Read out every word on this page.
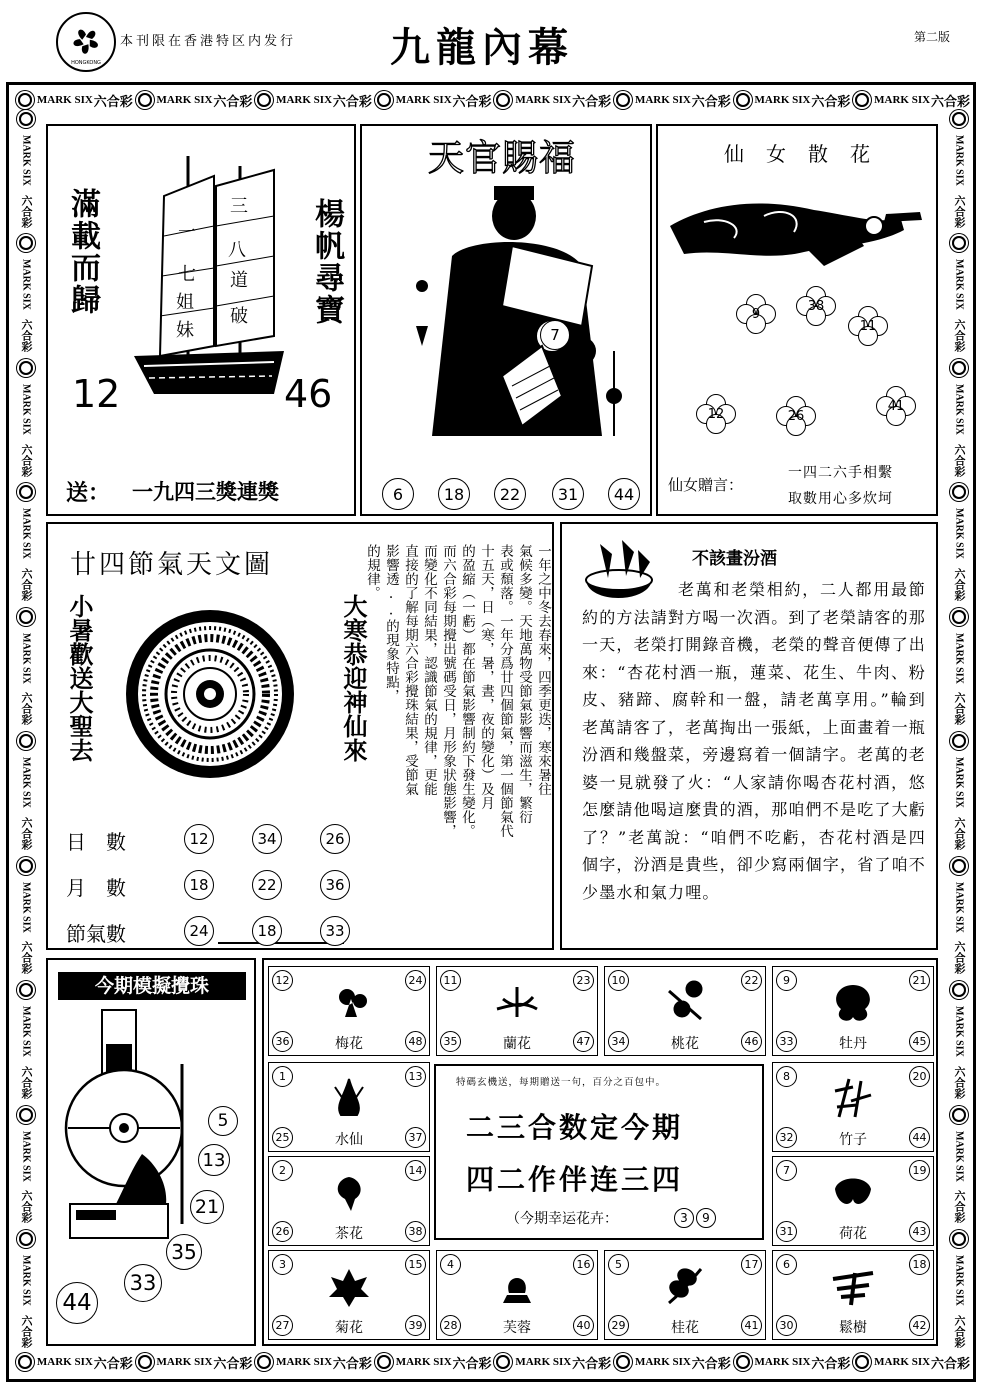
HONGKONG
本刊限在香港特区内发行 九龍內幕	第二版
MARK SIX 六合彩 MARK SIX 六合彩 MARK SIX 六合彩 MARK SIX 六合彩 MARK SIX 六合彩 MARK SIX 六合彩 MARK SIX 六合彩 MARK SIX 六合彩
MARK SIX 六合彩 MARK SIX 六合彩 MARK SIX 六合彩 MARK SIX 六合彩 MARK SIX 六合彩 MARK SIX 六合彩 MARK SIX 六合彩 MARK SIX 六合彩
MARK SIX
六合彩
MARK SIX
六合彩
MARK SIX
六合彩
MARK SIX
六合彩
MARK SIX
六合彩
MARK SIX
六合彩
MARK SIX
六合彩
MARK SIX
六合彩
MARK SIX
六合彩
MARK SIX
六合彩
MARK SIX
六合彩
MARK SIX
六合彩
MARK SIX
六合彩
MARK SIX
六合彩
MARK SIX
六合彩
MARK SIX
六合彩
MARK SIX
六合彩
MARK SIX
六合彩
MARK SIX
六合彩
MARK SIX
六合彩
滿載而歸	楊帆尋寶
一
三
七
八
道
姐
妹
破
12	46
送： 一九四三獎連獎
天官賜福
7
6	18	22	31	44
仙女散花
仙女贈言：
一四二六手相繫
取數用心多炊坷
9
38
11
12	26
41
廿四節氣天文圖
小暑歡送大聖去	大寒恭迎神仙來	一年之中冬去春來，四季更迭，寒來暑往
氣候多變。天地萬物受節氣影響而滋生，繁衍
表或頹落。一年分爲廿四個節氣，第一個節氣代
十五天，日（寒，暑，晝，夜的變化）及月
的盈縮（一虧）都在節氣影響制約下發生變化。
而六合彩每期攪出號碼受日，月形象狀態影響，
而變化不同結果，認識節氣的規律，更能
直接的了解每期六合彩攪珠結果，受節氣
影響透..的現象特點，
的規律。
日　數	12	34	26
月　數	18	22	36
節氣數	24	18	33
不該畫汾酒
老萬和老榮相約，二人都用最節約的方法請對方喝一次酒。到了老榮請客的那一天，老榮打開錄音機，老榮的聲音便傳了出來：“杏花村酒一瓶，蓮菜、花生、牛肉、粉皮、豬蹄、腐幹和一盤，請老萬享用。”輪到老萬請客了，老萬掏出一張紙，上面畫着一瓶汾酒和幾盤菜，旁邊寫着一個請字。老萬的老婆一見就發了火：“人家請你喝杏花村酒，悠怎麼請他喝這麼貴的酒，那咱們不是吃了大虧了？”老萬說：“咱們不吃虧，杏花村酒是四個字，汾酒是貴些，卻少寫兩個字，省了咱不少墨水和氣力哩。
今期模擬攪珠
5
13
21
35
33
44
12	24
36	48
梅花
11	23
35	47
蘭花
10	22
34	46
桃花
9	21
33	45
牡丹
1	13
25	37
水仙
8	20
32	44
竹子
2	14
26	38
茶花
7	19
31	43
荷花
3	15
27	39
菊花
4	16
28	40
芙蓉
5	17
29	41
桂花
6	18
30	42
鬆樹
特碼玄機送，每期贈送一句，百分之百包中。
二三合数定今期
四二作伴连三四
（今期幸运花卉：	3	9
